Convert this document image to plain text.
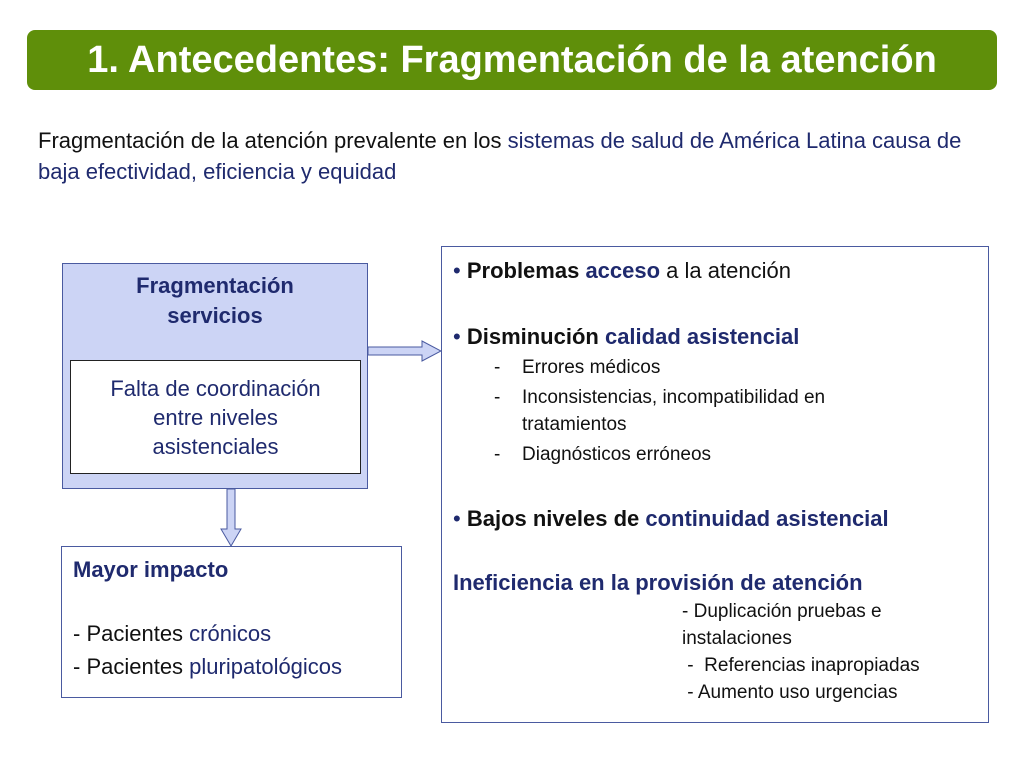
1. Antecedentes: Fragmentación de la atención
Fragmentación de la atención prevalente en los sistemas de salud de América Latina causa de baja efectividad, eficiencia y equidad
Fragmentación
servicios
Falta de coordinación
entre niveles
asistenciales
Mayor impacto
- Pacientes crónicos
- Pacientes pluripatológicos
• Problemas acceso a la atención
• Disminución calidad asistencial
- Errores médicos
- Inconsistencias, incompatibilidad en
tratamientos
- Diagnósticos erróneos
• Bajos niveles de continuidad asistencial
Ineficiencia en la provisión de atención
- Duplicación pruebas e
instalaciones
-  Referencias inapropiadas
- Aumento uso urgencias
